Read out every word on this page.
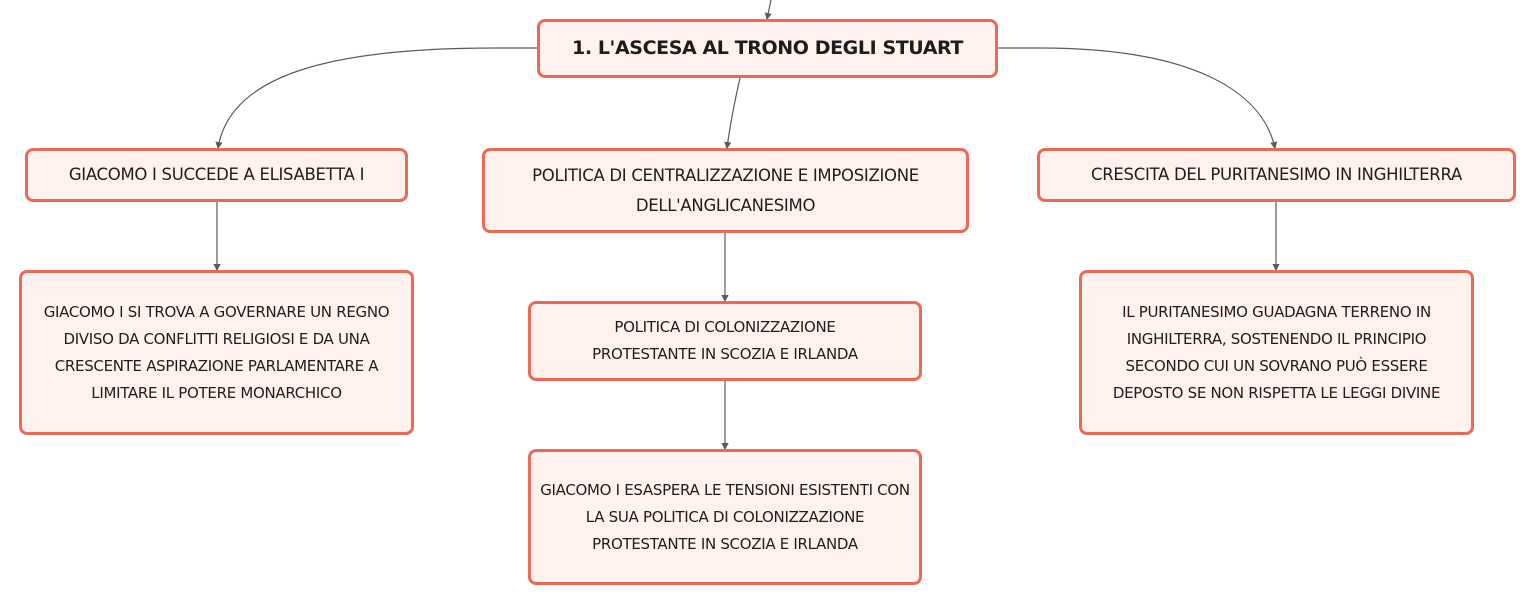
1. L'ASCESA AL TRONO DEGLI STUART
GIACOMO I SUCCEDE A ELISABETTA I	POLITICA DI CENTRALIZZAZIONE E IMPOSIZIONE DELL'ANGLICANESIMO
CRESCITA DEL PURITANESIMO IN INGHILTERRA
GIACOMO I SI TROVA A GOVERNARE UN REGNO DIVISO DA CONFLITTI RELIGIOSI E DA UNA CRESCENTE ASPIRAZIONE PARLAMENTARE A LIMITARE IL POTERE MONARCHICO
POLITICA DI COLONIZZAZIONE PROTESTANTE IN SCOZIA E IRLANDA
GIACOMO I ESASPERA LE TENSIONI ESISTENTI CON LA SUA POLITICA DI COLONIZZAZIONE PROTESTANTE IN SCOZIA E IRLANDA
IL PURITANESIMO GUADAGNA TERRENO IN INGHILTERRA, SOSTENENDO IL PRINCIPIO SECONDO CUI UN SOVRANO PUÒ ESSERE DEPOSTO SE NON RISPETTA LE LEGGI DIVINE
